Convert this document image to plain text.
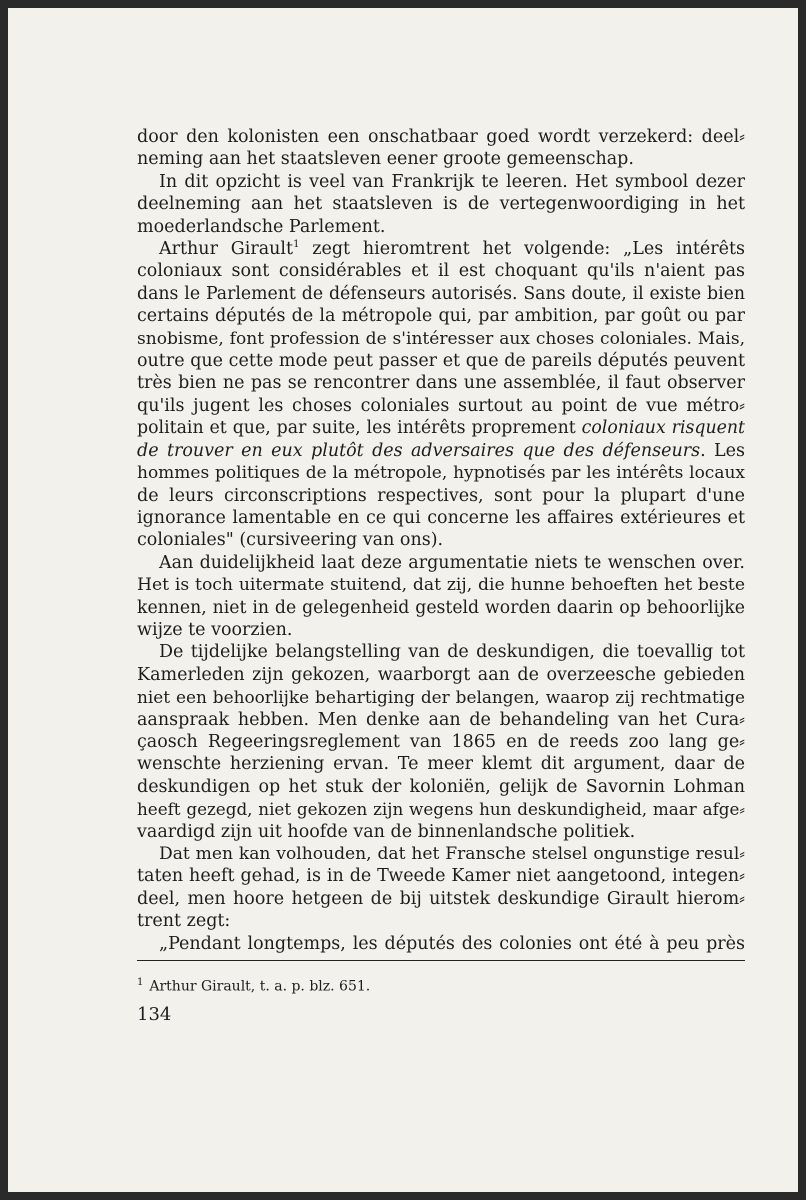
door den kolonisten een onschatbaar goed wordt verzekerd: deel⸗
neming aan het staatsleven eener groote gemeenschap.
In dit opzicht is veel van Frankrijk te leeren. Het symbool dezer
deelneming aan het staatsleven is de vertegenwoordiging in het
moederlandsche Parlement.
Arthur Girault$^1$ zegt hieromtrent het volgende: „Les intérêts
coloniaux sont considérables et il est choquant qu'ils n'aient pas
dans le Parlement de défenseurs autorisés. Sans doute, il existe bien
certains députés de la métropole qui, par ambition, par goût ou par
snobisme, font profession de s'intéresser aux choses coloniales. Mais,
outre que cette mode peut passer et que de pareils députés peuvent
très bien ne pas se rencontrer dans une assemblée, il faut observer
qu'ils jugent les choses coloniales surtout au point de vue métro⸗
politain et que, par suite, les intérêts proprement coloniaux risquent
de trouver en eux plutôt des adversaires que des défenseurs. Les
hommes politiques de la métropole, hypnotisés par les intérêts locaux
de leurs circonscriptions respectives, sont pour la plupart d'une
ignorance lamentable en ce qui concerne les affaires extérieures et
coloniales" (cursiveering van ons).
Aan duidelijkheid laat deze argumentatie niets te wenschen over.
Het is toch uitermate stuitend, dat zij, die hunne behoeften het beste
kennen, niet in de gelegenheid gesteld worden daarin op behoorlijke
wijze te voorzien.
De tijdelijke belangstelling van de deskundigen, die toevallig tot
Kamerleden zijn gekozen, waarborgt aan de overzeesche gebieden
niet een behoorlijke behartiging der belangen, waarop zij rechtmatige
aanspraak hebben. Men denke aan de behandeling van het Cura⸗
çaosch Regeeringsreglement van 1865 en de reeds zoo lang ge⸗
wenschte herziening ervan. Te meer klemt dit argument, daar de
deskundigen op het stuk der koloniën, gelijk de Savornin Lohman
heeft gezegd, niet gekozen zijn wegens hun deskundigheid, maar afge⸗
vaardigd zijn uit hoofde van de binnenlandsche politiek.
Dat men kan volhouden, dat het Fransche stelsel ongunstige resul⸗
taten heeft gehad, is in de Tweede Kamer niet aangetoond, integen⸗
deel, men hoore hetgeen de bij uitstek deskundige Girault hierom⸗
trent zegt:
„Pendant longtemps, les députés des colonies ont été à peu près
$^1$ Arthur Girault, t. a. p. blz. 651.
134
